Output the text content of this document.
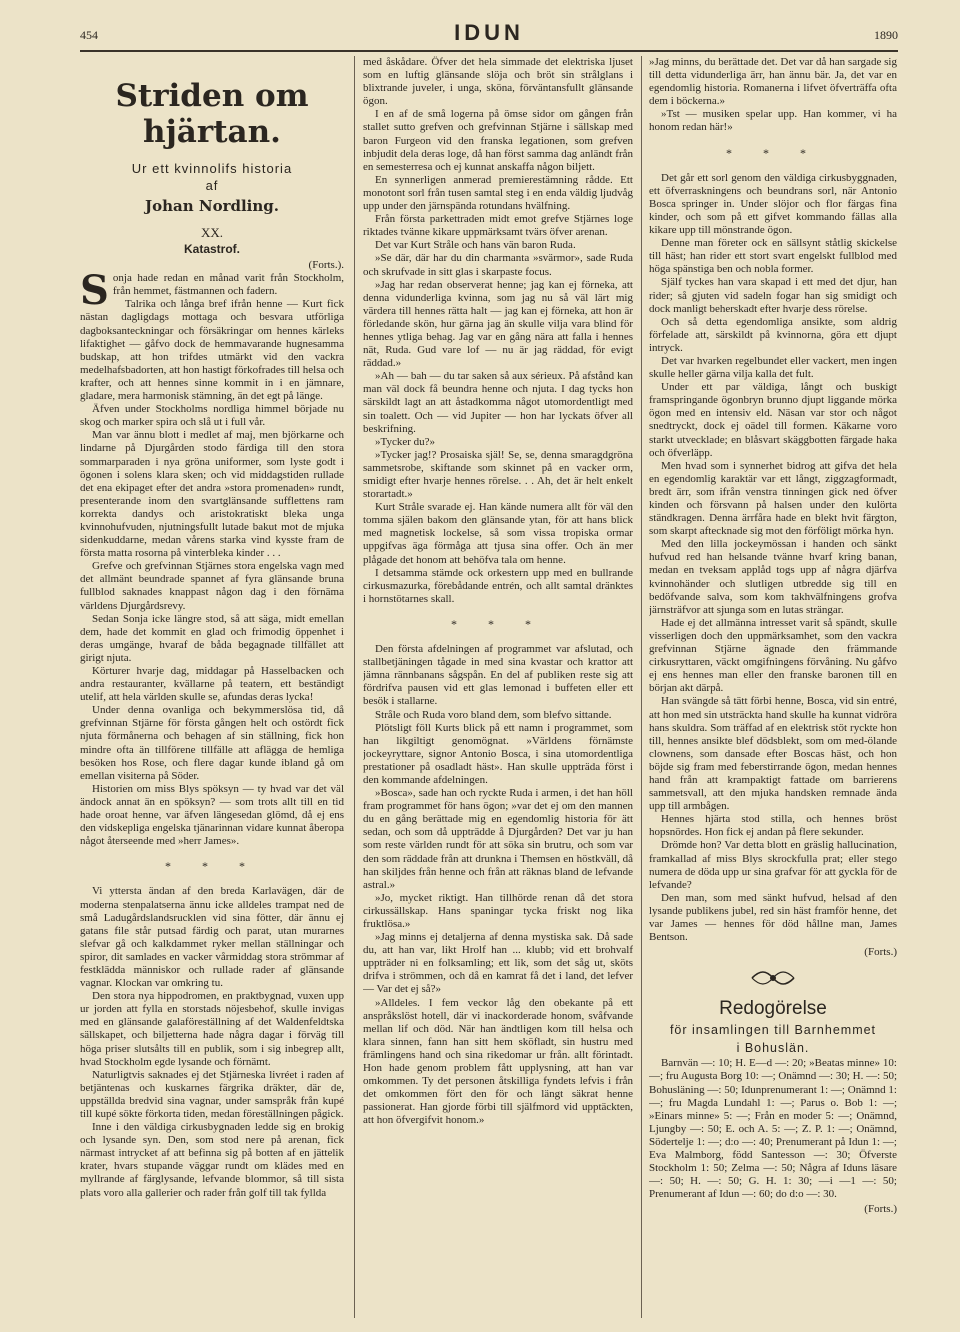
454	IDUN	1890
Striden om hjärtan.
Ur ett kvinnolifs historia
af
Johan Nordling.
XX.
Katastrof.
(Forts.).

Sonja hade redan en månad varit från Stockholm, från hemmet, fästmannen och fadern.

Talrika och långa bref ifrån henne — Kurt fick nästan dagligdags mottaga och besvara utförliga dagboksanteckningar och försäkringar om hennes kärleks lifaktighet — gåfvo dock de hemmavarande hugnesamma budskap, att hon trifdes utmärkt vid den vackra medelhafsbadorten, att hon hastigt förkofrades till helsa och krafter, och att hennes sinne kommit in i en jämnare, gladare, mera harmonisk stämning, än det egt på länge.

Äfven under Stockholms nordliga himmel började nu skog och marker spira och slå ut i full vår.

Man var ännu blott i medlet af maj, men björkarne och lindarne på Djurgården stodo färdiga till den stora sommarparaden i nya gröna uniformer, som lyste godt i ögonen i solens klara sken; och vid middagstiden rullade det ena ekipaget efter det andra »stora promenaden» rundt, presenterande inom den svartglänsande sufflettens ram korrekta dandys och aristokratiskt bleka unga kvinnohufvuden, njutningsfullt lutade bakut mot de mjuka sidenkuddarne, medan vårens starka vind kysste fram de första matta rosorna på vinterbleka kinder . . .

Grefve och grefvinnan Stjärnes stora engelska vagn med det allmänt beundrade spannet af fyra glänsande bruna fullblod saknades knappast någon dag i den förnäma världens Djurgårdsrevy.

Sedan Sonja icke längre stod, så att säga, midt emellan dem, hade det kommit en glad och frimodig öppenhet i deras umgänge, hvaraf de båda begagnade tillfället att girigt njuta.

Körturer hvarje dag, middagar på Hasselbacken och andra restauranter, kvällarne på teatern, ett beständigt utelif, att hela världen skulle se, afundas deras lycka!

Under denna ovanliga och bekymmerslösa tid, då grefvinnan Stjärne för första gången helt och ostördt fick njuta förmånerna och behagen af sin ställning, fick hon mindre ofta än tillförene tillfälle att aflägga de hemliga besöken hos Rose, och flere dagar kunde ibland gå om emellan visiterna på Söder.

Historien om miss Blys spöksyn — ty hvad var det väl ändock annat än en spöksyn? — som trots allt till en tid hade oroat henne, var äfven längesedan glömd, då ej ens den vidskepliga engelska tjänarinnan vidare kunnat åberopa något återseende med »herr James».

* * *

Vi yttersta ändan af den breda Karlavägen, där de moderna stenpalatserna ännu icke alldeles trampat ned de små Ladugårdslandsrucklen vid sina fötter, där ännu ej gatans file står putsad färdig och parat, utan murarnes slefvar gå och kalkdammet ryker mellan ställningar och spiror, dit samlades en vacker vårmiddag stora strömmar af festklädda människor och rullade rader af glänsande vagnar. Klockan var omkring tu.

Den stora nya hippodromen, en praktbygnad, vuxen upp ur jorden att fylla en storstads nöjesbehof, skulle invigas med en glänsande galaföreställning af det Waldenfeldtska sällskapet, och biljetterna hade några dagar i förväg till höga priser slutsålts till en publik, som i sig inbegrep allt, hvad Stockholm egde lysande och förnämt.

Naturligtvis saknades ej det Stjärneska livréet i raden af betjäntenas och kuskarnes färgrika dräkter, där de, uppställda bredvid sina vagnar, under samspråk från kupé till kupé sökte förkorta tiden, medan föreställningen pågick.

Inne i den väldiga cirkusbygnaden ledde sig en brokig och lysande syn. Den, som stod nere på arenan, fick närmast intrycket af att befinna sig på botten af en jättelik krater, hvars stupande väggar rundt om klädes med en myllrande af färglysande, lefvande blommor, så till sista plats voro alla gallerier och rader från golf till tak fyllda

med åskådare. Öfver det hela simmade det elektriska ljuset som en luftig glänsande slöja och bröt sin strålglans i blixtrande juveler, i unga, sköna, förväntansfullt glänsande ögon.

I en af de små logerna på ömse sidor om gången från stallet sutto grefven och grefvinnan Stjärne i sällskap med baron Furgeon vid den franska legationen, som grefven inbjudit dela deras loge, då han först samma dag anländt från en semesterresa och ej kunnat anskaffa någon biljett.

En synnerligen anmerad premierestämning rådde. Ett monotont sorl från tusen samtal steg i en enda väldig ljudvåg upp under den järnspända rotundans hvälfning.

Från första parkettraden midt emot grefve Stjärnes loge riktades tvänne kikare uppmärksamt tvärs öfver arenan.

Det var Kurt Stråle och hans vän baron Ruda.

»Se där, där har du din charmanta »svärmor», sade Ruda och skrufvade in sitt glas i skarpaste focus.

»Jag har redan observerat henne; jag kan ej förneka, att denna vidunderliga kvinna, som jag nu så väl lärt mig värdera till hennes rätta halt — jag kan ej förneka, att hon är förledande skön, hur gärna jag än skulle vilja vara blind för hennes ytliga behag. Jag var en gång nära att falla i hennes nät, Ruda. Gud vare lof — nu är jag räddad, för evigt räddad.»

»Ah — bah — du tar saken så aux sérieux. På afstånd kan man väl dock få beundra henne och njuta. I dag tycks hon särskildt lagt an att åstadkomma något utomordentligt med sin toalett. Och — vid Jupiter — hon har lyckats öfver all beskrifning.

»Tycker du?»

»Tycker jag!? Prosaiska själ! Se, se, denna smaragdgröna sammetsrobe, skiftande som skinnet på en vacker orm, smidigt efter hvarje hennes rörelse. . . Ah, det är helt enkelt storartadt.»

Kurt Stråle svarade ej. Han kände numera allt för väl den tomma själen bakom den glänsande ytan, för att hans blick med magnetisk lockelse, så som vissa tropiska ormar uppgifvas äga förmåga att tjusa sina offer. Och än mer plågade det honom att behöfva tala om henne.

I detsamma stämde ock orkestern upp med en bullrande cirkusmazurka, förebådande entrén, och allt samtal dränktes i hornstötarnes skall.

* * *

Den första afdelningen af programmet var afslutad, och stallbetjäningen tågade in med sina kvastar och krattor att jämna rännbanans sågspån. En del af publiken reste sig att fördrifva pausen vid ett glas lemonad i buffeten eller ett besök i stallarne.

Stråle och Ruda voro bland dem, som blefvo sittande.

Plötsligt föll Kurts blick på ett namn i programmet, som han likgiltigt genomögnat. »Världens förnämste jockeyryttare, signor Antonio Bosca, i sina utomordentliga prestationer på osadladt häst». Han skulle uppträda först i den kommande afdelningen.

»Bosca», sade han och ryckte Ruda i armen, i det han höll fram programmet för hans ögon; »var det ej om den mannen du en gång berättade mig en egendomlig historia för ätt sedan, och som då uppträdde å Djurgården? Det var ju han som reste världen rundt för att söka sin brutru, och som var den som räddade från att drunkna i Themsen en höstkväll, då han skiljdes från henne och från att räknas bland de lefvande astral.»

»Jo, mycket riktigt. Han tillhörde renan då det stora cirkussällskap. Hans spaningar tycka friskt nog lika fruktlösa.»

»Jag minns ej detaljerna af denna mystiska sak. Då sade du, att han var, likt Hrolf han ... klubb; vid ett brohvalf uppträder ni en folksamling; ett lik, som det såg ut, sköts drifva i strömmen, och då en kamrat få det i land, det lefver — Var det ej så?»

»Alldeles. I fem veckor låg den obekante på ett anspråkslöst hotell, där vi inackorderade honom, svåfvande mellan lif och död. När han ändtligen kom till helsa och klara sinnen, fann han sitt hem sköfladt, sin hustru med främlingens hand och sina rikedomar ur från. allt förintadt. Hon hade genom problem fått upplysning, att han var omkommen. Ty det personen åtskilliga fyndets lefvis i från det omkommen fört den för och längt säkrat henne passionerat. Han gjorde förbi till själfmord vid upptäckten, att hon öfvergifvit honom.»

»Jag minns, du berättade det. Det var då han sargade sig till detta vidunderliga ärr, han ännu bär. Ja, det var en egendomlig historia. Romanerna i lifvet öfverträffa ofta dem i böckerna.»

»Tst — musiken spelar upp. Han kommer, vi ha honom redan här!»

* * *

Det går ett sorl genom den väldiga cirkusbyggnaden, ett öfverraskningens och beundrans sorl, när Antonio Bosca springer in. Under slöjor och flor färgas fina kinder, och som på ett gifvet kommando fällas alla kikare upp till mönstrande ögon.

Denne man företer ock en sällsynt ståtlig skickelse till häst; han rider ett stort svart engelskt fullblod med höga spänstiga ben och nobla former.

Själf tyckes han vara skapad i ett med det djur, han rider; så gjuten vid sadeln fogar han sig smidigt och dock manligt beherskadt efter hvarje dess rörelse.

Och så detta egendomliga ansikte, som aldrig förfelade att, särskildt på kvinnorna, göra ett djupt intryck.

Det var hvarken regelbundet eller vackert, men ingen skulle heller gärna vilja kalla det fult.

Under ett par väldiga, långt och buskigt framspringande ögonbryn brunno djupt liggande mörka ögon med en intensiv eld. Näsan var stor och något snedtryckt, dock ej oädel till formen. Käkarne voro starkt utvecklade; en blåsvart skäggbotten färgade haka och öfverläpp.

Men hvad som i synnerhet bidrog att gifva det hela en egendomlig karaktär var ett långt, ziggzagformadt, bredt ärr, som ifrån venstra tinningen gick ned öfver kinden och försvann på halsen under den kulörta ständkragen. Denna ärrfåra hade en blekt hvit färgton, som skarpt aftecknade sig mot den förföligt mörka hyn.

Med den lilla jockeymössan i handen och sänkt hufvud red han helsande tvänne hvarf kring banan, medan en tveksam applåd togs upp af några djärfva kvinnohänder och slutligen utbredde sig till en bedöfvande salva, som kom takhvälfningens grofva järnsträfvor att sjunga som en lutas strängar.

Hade ej det allmänna intresset varit så spändt, skulle visserligen doch den uppmärksamhet, som den vackra grefvinnan Stjärne ägnade den främmande cirkusryttaren, väckt omgifningens förvåning. Nu gåfvo ej ens hennes man eller den franske baronen till en början akt därpå.

Han svängde så tätt förbi henne, Bosca, vid sin entré, att hon med sin utsträckta hand skulle ha kunnat vidröra hans skuldra. Som träffad af en elektrisk stöt ryckte hon till, hennes ansikte blef dödsblekt, som om med-ölande clownens, som dansade efter Boscas häst, och hon böjde sig fram med feberstirrande ögon, medan hennes hand från att krampaktigt fattade om barrierens sammetsvall, att den mjuka handsken remnade ända upp till armbågen.

Hennes hjärta stod stilla, och hennes bröst hopsnördes. Hon fick ej andan på flere sekunder.

Drömde hon? Var detta blott en gräslig hallucination, framkallad af miss Blys skrockfulla prat; eller stego numera de döda upp ur sina grafvar för att gyckla för de lefvande?

Den man, som med sänkt hufvud, helsad af den lysande publikens jubel, red sin häst framför henne, det var James — hennes för död hållne man, James Bentson.

(Forts.)
Redogörelse
för insamlingen till Barnhemmet
i Bohuslän.

Barnvän —: 10; H. E—d —: 20; »Beatas minne» 10: —; fru Augusta Borg 10: —; Onämnd —: 30; H. —: 50; Bohusläning —: 50; Idunprenumerant 1: —; Onämnd 1: —; fru Magda Lundahl 1: —; Parus o. Bob 1: —; »Einars minne» 5: —; Från en moder 5: —; Onämnd, Ljungby —: 50; E. och A. 5: —; Z. P. 1: —; Onämnd, Södertelje 1: —; d:o —: 40; Prenumerant på Idun 1: —; Eva Malmborg, född Santesson —: 30; Öfverste Stockholm 1: 50; Zelma —: 50; Några af Iduns läsare —: 50; H. —: 50; G. H. 1: 30; —i —1 —: 50; Prenumerant af Idun —: 60; do d:o —: 30.

(Forts.)
